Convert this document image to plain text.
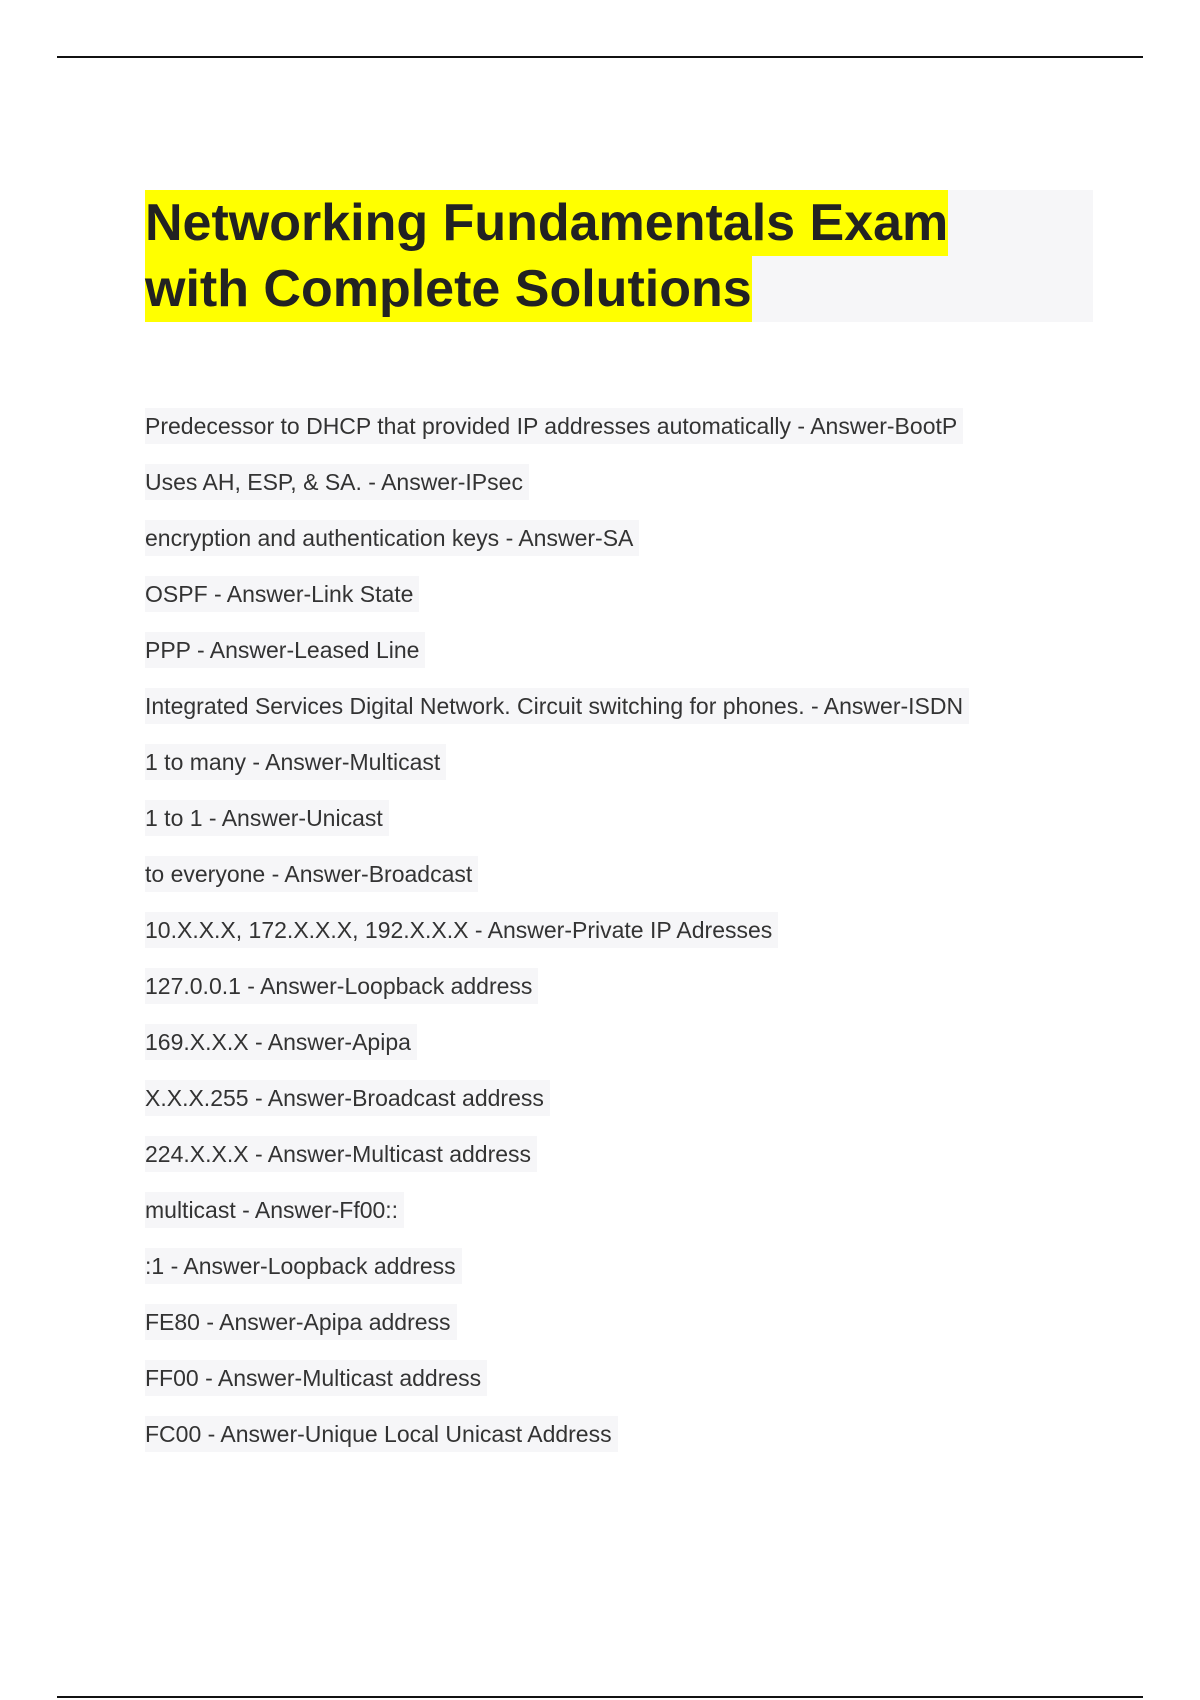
Networking Fundamentals Exam
with Complete Solutions
Predecessor to DHCP that provided IP addresses automatically - Answer-BootP
Uses AH, ESP, & SA. - Answer-IPsec
encryption and authentication keys - Answer-SA
OSPF - Answer-Link State
PPP - Answer-Leased Line
Integrated Services Digital Network. Circuit switching for phones. - Answer-ISDN
1 to many - Answer-Multicast
1 to 1 - Answer-Unicast
to everyone - Answer-Broadcast
10.X.X.X, 172.X.X.X, 192.X.X.X - Answer-Private IP Adresses
127.0.0.1 - Answer-Loopback address
169.X.X.X - Answer-Apipa
X.X.X.255 - Answer-Broadcast address
224.X.X.X - Answer-Multicast address
multicast - Answer-Ff00::
:1 - Answer-Loopback address
FE80 - Answer-Apipa address
FF00 - Answer-Multicast address
FC00 - Answer-Unique Local Unicast Address
